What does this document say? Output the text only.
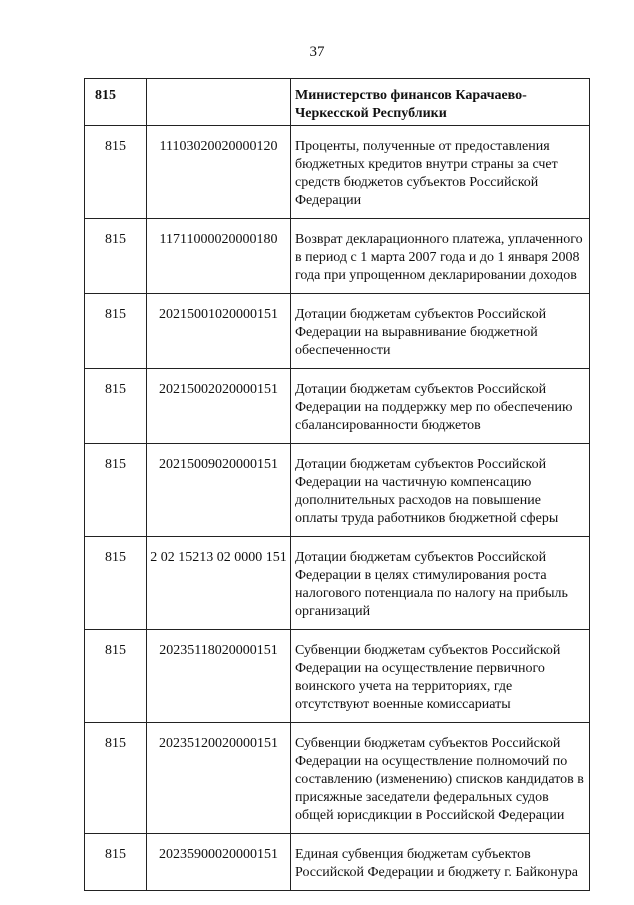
37
815		Министерство финансов Карачаево-Черкесской Республики
815	11103020020000120	Проценты, полученные от предоставления бюджетных кредитов внутри страны за счет средств бюджетов субъектов Российской Федерации
815	11711000020000180	Возврат декларационного платежа, уплаченного в период с 1 марта 2007 года и до 1 января 2008 года при упрощенном декларировании доходов
815	20215001020000151	Дотации бюджетам субъектов Российской Федерации на выравнивание бюджетной обеспеченности
815	20215002020000151	Дотации бюджетам субъектов Российской Федерации на поддержку мер по обеспечению сбалансированности бюджетов
815	20215009020000151	Дотации бюджетам субъектов Российской Федерации на частичную компенсацию дополнительных расходов на повышение оплаты труда работников бюджетной сферы
815	2 02 15213 02 0000 151	Дотации бюджетам субъектов Российской Федерации в целях стимулирования роста налогового потенциала по налогу на прибыль организаций
815	20235118020000151	Субвенции бюджетам субъектов Российской Федерации на осуществление первичного воинского учета на территориях, где отсутствуют военные комиссариаты
815	20235120020000151	Субвенции бюджетам субъектов Российской Федерации на осуществление полномочий по составлению (изменению) списков кандидатов в присяжные заседатели федеральных судов общей юрисдикции в Российской Федерации
815	20235900020000151	Единая субвенция бюджетам субъектов Российской Федерации и бюджету г. Байконура
